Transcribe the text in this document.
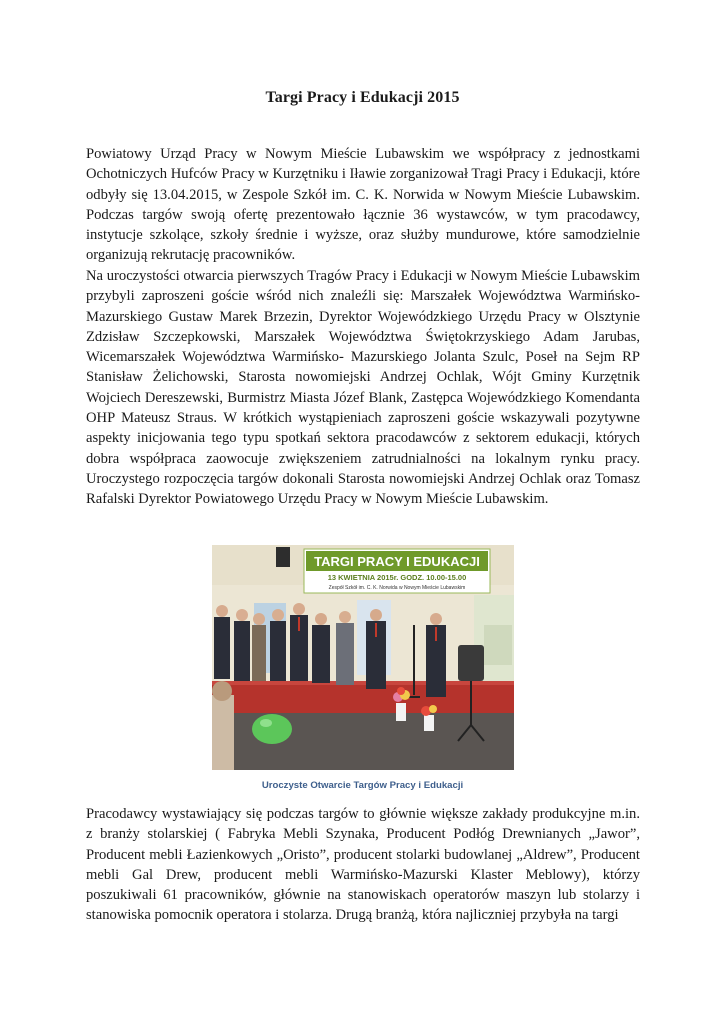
Targi Pracy i Edukacji 2015

Powiatowy Urząd Pracy w Nowym Mieście Lubawskim we współpracy z jednostkami Ochotniczych Hufców Pracy w Kurzętniku i Iławie zorganizował Tragi Pracy i Edukacji, które odbyły się 13.04.2015, w Zespole Szkół im. C. K. Norwida w Nowym Mieście Lubawskim. Podczas targów swoją ofertę prezentowało łącznie 36 wystawców, w tym pracodawcy, instytucje szkolące, szkoły średnie i wyższe, oraz służby mundurowe, które samodzielnie organizują rekrutację pracowników.

Na uroczystości otwarcia pierwszych Tragów Pracy i Edukacji w Nowym Mieście Lubawskim przybyli zaproszeni goście wśród nich znaleźli się: Marszałek Województwa Warmińsko-Mazurskiego Gustaw Marek Brzezin, Dyrektor Wojewódzkiego Urzędu Pracy w Olsztynie Zdzisław Szczepkowski, Marszałek Województwa Świętokrzyskiego Adam Jarubas, Wicemarszałek Województwa Warmińsko- Mazurskiego Jolanta Szulc, Poseł na Sejm RP Stanisław Żelichowski, Starosta nowomiejski Andrzej Ochlak, Wójt Gminy Kurzętnik Wojciech Dereszewski, Burmistrz Miasta Józef Blank, Zastępca Wojewódzkiego Komendanta OHP Mateusz Straus. W krótkich wystąpieniach zaproszeni goście wskazywali pozytywne aspekty inicjowania tego typu spotkań sektora pracodawców z sektorem edukacji, których dobra współpraca zaowocuje zwiększeniem zatrudnialności na lokalnym rynku pracy. Uroczystego rozpoczęcia targów dokonali Starosta nowomiejski Andrzej Ochlak oraz Tomasz Rafalski Dyrektor Powiatowego Urzędu Pracy w Nowym Mieście Lubawskim.

TARGI PRACY I EDUKACJI
13 KWIETNIA 2015r. GODZ. 10.00-15.00
Zespół Szkół im. C. K. Norwida w Nowym Mieście Lubawskim
Uroczyste Otwarcie Targów Pracy i Edukacji

Pracodawcy wystawiający się podczas targów to głównie większe zakłady produkcyjne m.in. z branży stolarskiej ( Fabryka Mebli Szynaka, Producent Podłóg Drewnianych „Jawor”, Producent mebli Łazienkowych „Oristo”, producent stolarki budowlanej „Aldrew”, Producent mebli Gal Drew, producent mebli Warmińsko-Mazurski Klaster Meblowy), którzy poszukiwali 61 pracowników, głównie na stanowiskach operatorów maszyn lub stolarzy i stanowiska pomocnik operatora i stolarza. Drugą branżą, która najliczniej przybyła na targi
